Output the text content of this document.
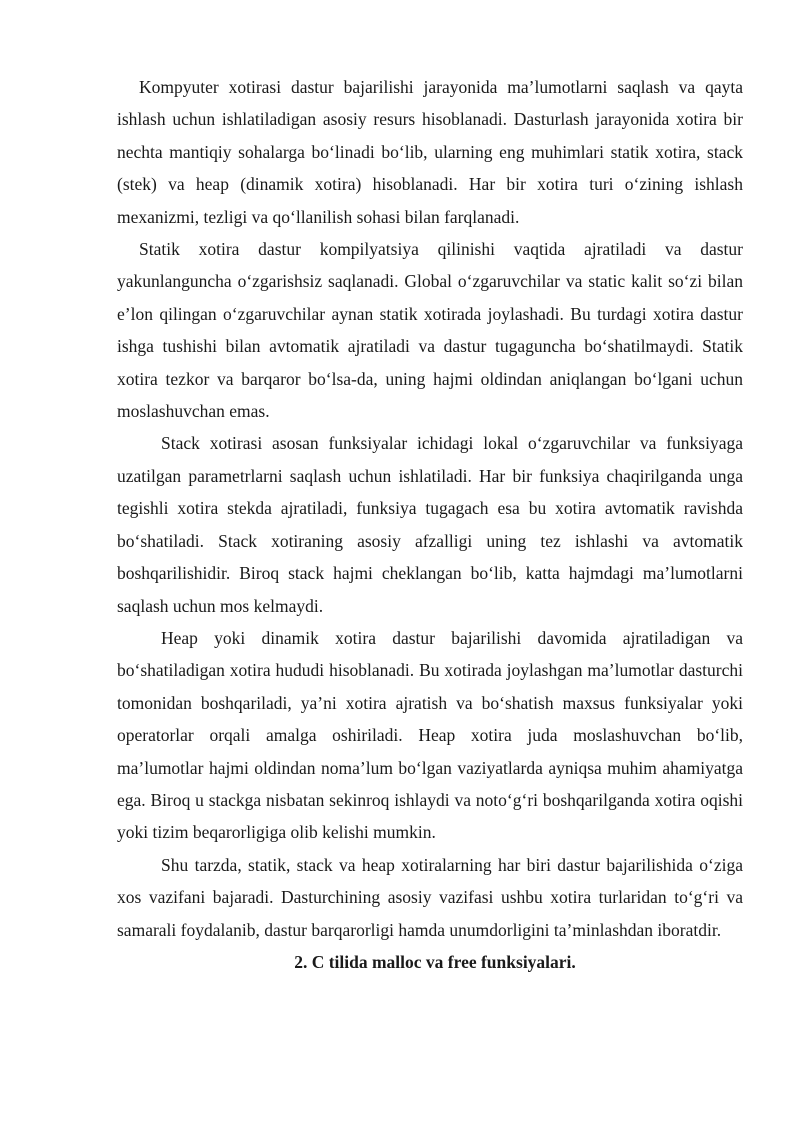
Kompyuter xotirasi dastur bajarilishi jarayonida ma’lumotlarni saqlash va qayta ishlash uchun ishlatiladigan asosiy resurs hisoblanadi. Dasturlash jarayonida xotira bir nechta mantiqiy sohalarga bo‘linadi bo‘lib, ularning eng muhimlari statik xotira, stack (stek) va heap (dinamik xotira) hisoblanadi. Har bir xotira turi o‘zining ishlash mexanizmi, tezligi va qo‘llanilish sohasi bilan farqlanadi.

Statik xotira dastur kompilyatsiya qilinishi vaqtida ajratiladi va dastur yakunlanguncha o‘zgarishsiz saqlanadi. Global o‘zgaruvchilar va static kalit so‘zi bilan e’lon qilingan o‘zgaruvchilar aynan statik xotirada joylashadi. Bu turdagi xotira dastur ishga tushishi bilan avtomatik ajratiladi va dastur tugaguncha bo‘shatilmaydi. Statik xotira tezkor va barqaror bo‘lsa-da, uning hajmi oldindan aniqlangan bo‘lgani uchun moslashuvchan emas.

Stack xotirasi asosan funksiyalar ichidagi lokal o‘zgaruvchilar va funksiyaga uzatilgan parametrlarni saqlash uchun ishlatiladi. Har bir funksiya chaqirilganda unga tegishli xotira stekda ajratiladi, funksiya tugagach esa bu xotira avtomatik ravishda bo‘shatiladi. Stack xotiraning asosiy afzalligi uning tez ishlashi va avtomatik boshqarilishidir. Biroq stack hajmi cheklangan bo‘lib, katta hajmdagi ma’lumotlarni saqlash uchun mos kelmaydi.

Heap yoki dinamik xotira dastur bajarilishi davomida ajratiladigan va bo‘shatiladigan xotira hududi hisoblanadi. Bu xotirada joylashgan ma’lumotlar dasturchi tomonidan boshqariladi, ya’ni xotira ajratish va bo‘shatish maxsus funksiyalar yoki operatorlar orqali amalga oshiriladi. Heap xotira juda moslashuvchan bo‘lib, ma’lumotlar hajmi oldindan noma’lum bo‘lgan vaziyatlarda ayniqsa muhim ahamiyatga ega. Biroq u stackga nisbatan sekinroq ishlaydi va noto‘g‘ri boshqarilganda xotira oqishi yoki tizim beqarorligiga olib kelishi mumkin.

Shu tarzda, statik, stack va heap xotiralarning har biri dastur bajarilishida o‘ziga xos vazifani bajaradi. Dasturchining asosiy vazifasi ushbu xotira turlaridan to‘g‘ri va samarali foydalanib, dastur barqarorligi hamda unumdorligini ta’minlashdan iboratdir.

2. C tilida malloc va free funksiyalari.
